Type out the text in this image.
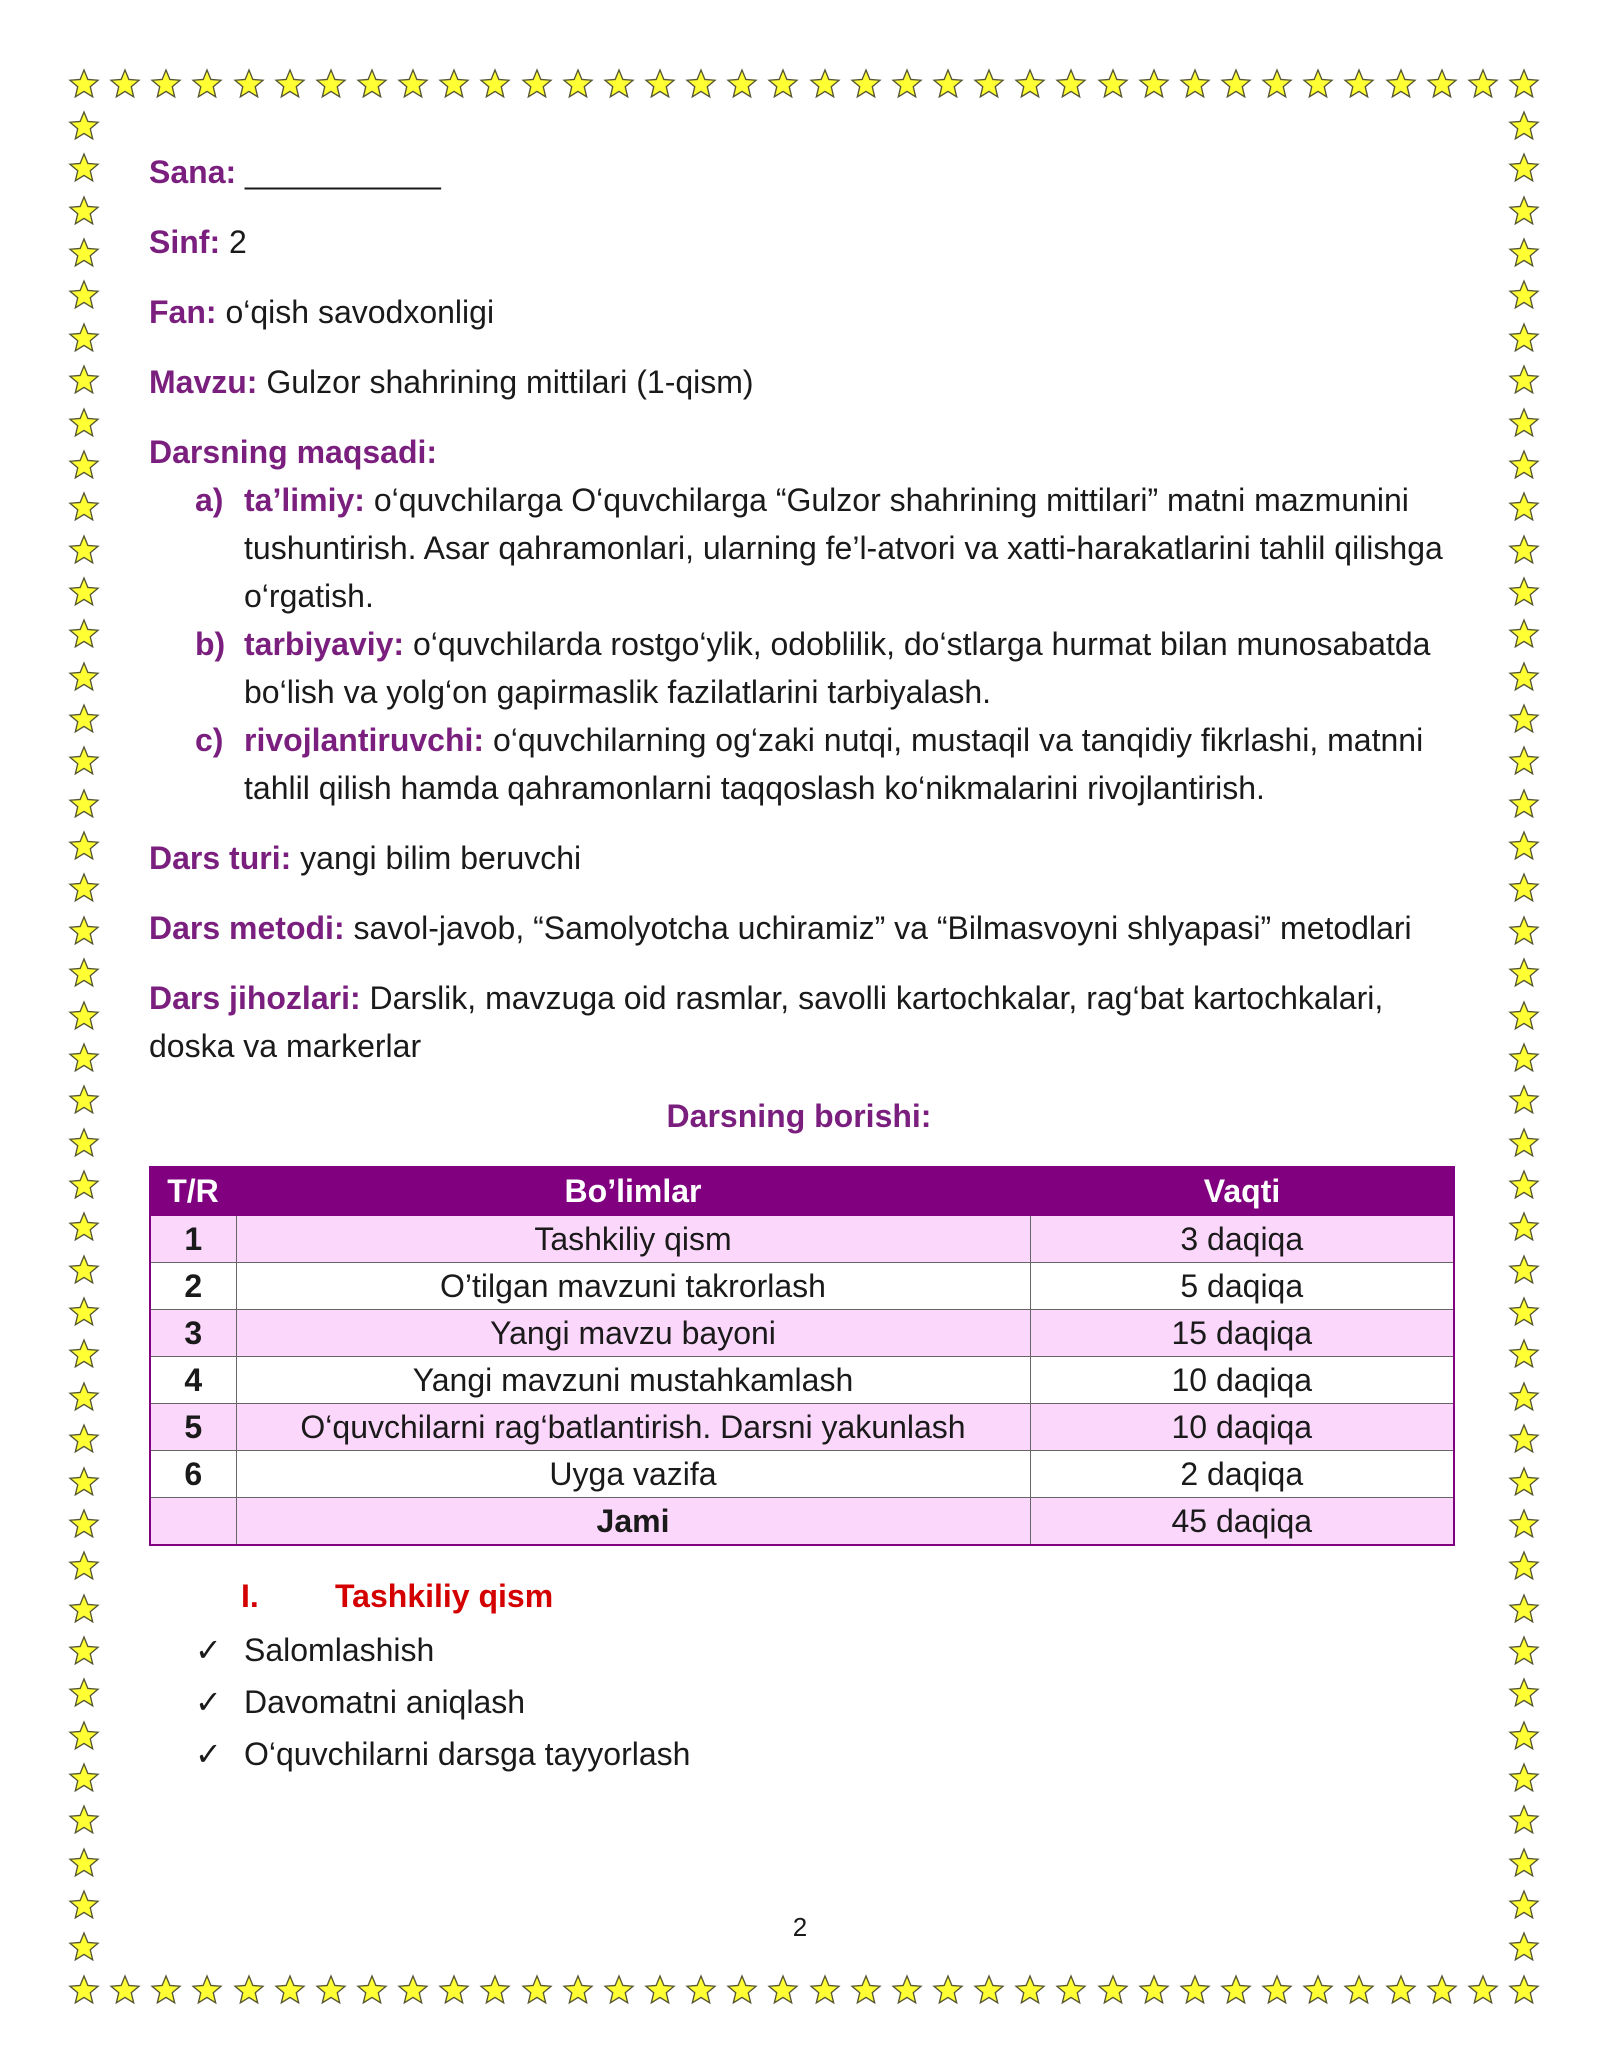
Sana: ___________

Sinf: 2

Fan: o‘qish savodxonligi

Mavzu: Gulzor shahrining mittilari (1-qism)

Darsning maqsadi:

a) ta’limiy: o‘quvchilarga O‘quvchilarga “Gulzor shahrining mittilari” matni mazmunini tushuntirish. Asar qahramonlari, ularning fe’l-atvori va xatti-harakatlarini tahlil qilishga o‘rgatish.
b) tarbiyaviy: o‘quvchilarda rostgo‘ylik, odoblilik, do‘stlarga hurmat bilan munosabatda bo‘lish va yolg‘on gapirmaslik fazilatlarini tarbiyalash.
c) rivojlantiruvchi: o‘quvchilarning og‘zaki nutqi, mustaqil va tanqidiy fikrlashi, matnni tahlil qilish hamda qahramonlarni taqqoslash ko‘nikmalarini rivojlantirish.

Dars turi: yangi bilim beruvchi

Dars metodi: savol-javob, “Samolyotcha uchiramiz” va “Bilmasvoyni shlyapasi” metodlari

Dars jihozlari: Darslik, mavzuga oid rasmlar, savolli kartochkalar, rag‘bat kartochkalari, doska va markerlar

Darsning borishi:

T/R	Bo’limlar	Vaqti
1	Tashkiliy qism	3 daqiqa
2	O’tilgan mavzuni takrorlash	5 daqiqa
3	Yangi mavzu bayoni	15 daqiqa
4	Yangi mavzuni mustahkamlash	10 daqiqa
5	O‘quvchilarni rag‘batlantirish. Darsni yakunlash	10 daqiqa
6	Uyga vazifa	2 daqiqa
	Jami	45 daqiqa

I. Tashkiliy qism

✓ Salomlashish
✓ Davomatni aniqlash
✓ O‘quvchilarni darsga tayyorlash
2
